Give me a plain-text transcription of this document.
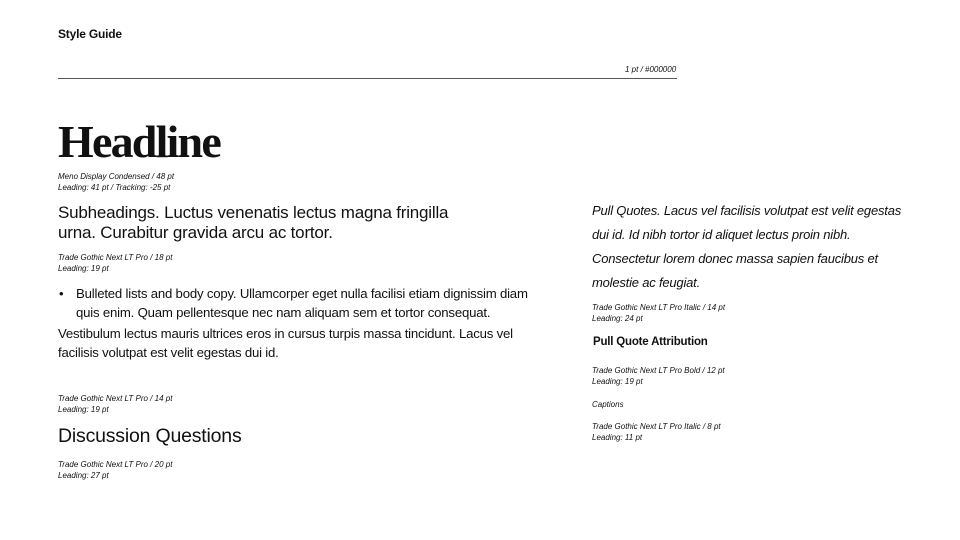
Style Guide
1 pt / #000000
Headline
Meno Display Condensed / 48 pt
Leading: 41 pt / Tracking: -25 pt
Subheadings. Luctus venenatis lectus magna fringilla urna. Curabitur gravida arcu ac tortor.
Trade Gothic Next LT Pro / 18 pt
Leading: 19 pt
• Bulleted lists and body copy. Ullamcorper eget nulla facilisi etiam dignissim diam quis enim. Quam pellentesque nec nam aliquam sem et tortor consequat.
Vestibulum lectus mauris ultrices eros in cursus turpis massa tincidunt. Lacus vel facilisis volutpat est velit egestas dui id.
Trade Gothic Next LT Pro / 14 pt
Leading: 19 pt
Discussion Questions
Trade Gothic Next LT Pro / 20 pt
Leading: 27 pt
Pull Quotes. Lacus vel facilisis volutpat est velit egestas dui id. Id nibh tortor id aliquet lectus proin nibh. Consectetur lorem donec massa sapien faucibus et molestie ac feugiat.
Trade Gothic Next LT Pro Italic / 14 pt
Leading: 24 pt
Pull Quote Attribution
Trade Gothic Next LT Pro Bold / 12 pt
Leading: 19 pt
Captions
Trade Gothic Next LT Pro Italic / 8 pt
Leading: 11 pt
